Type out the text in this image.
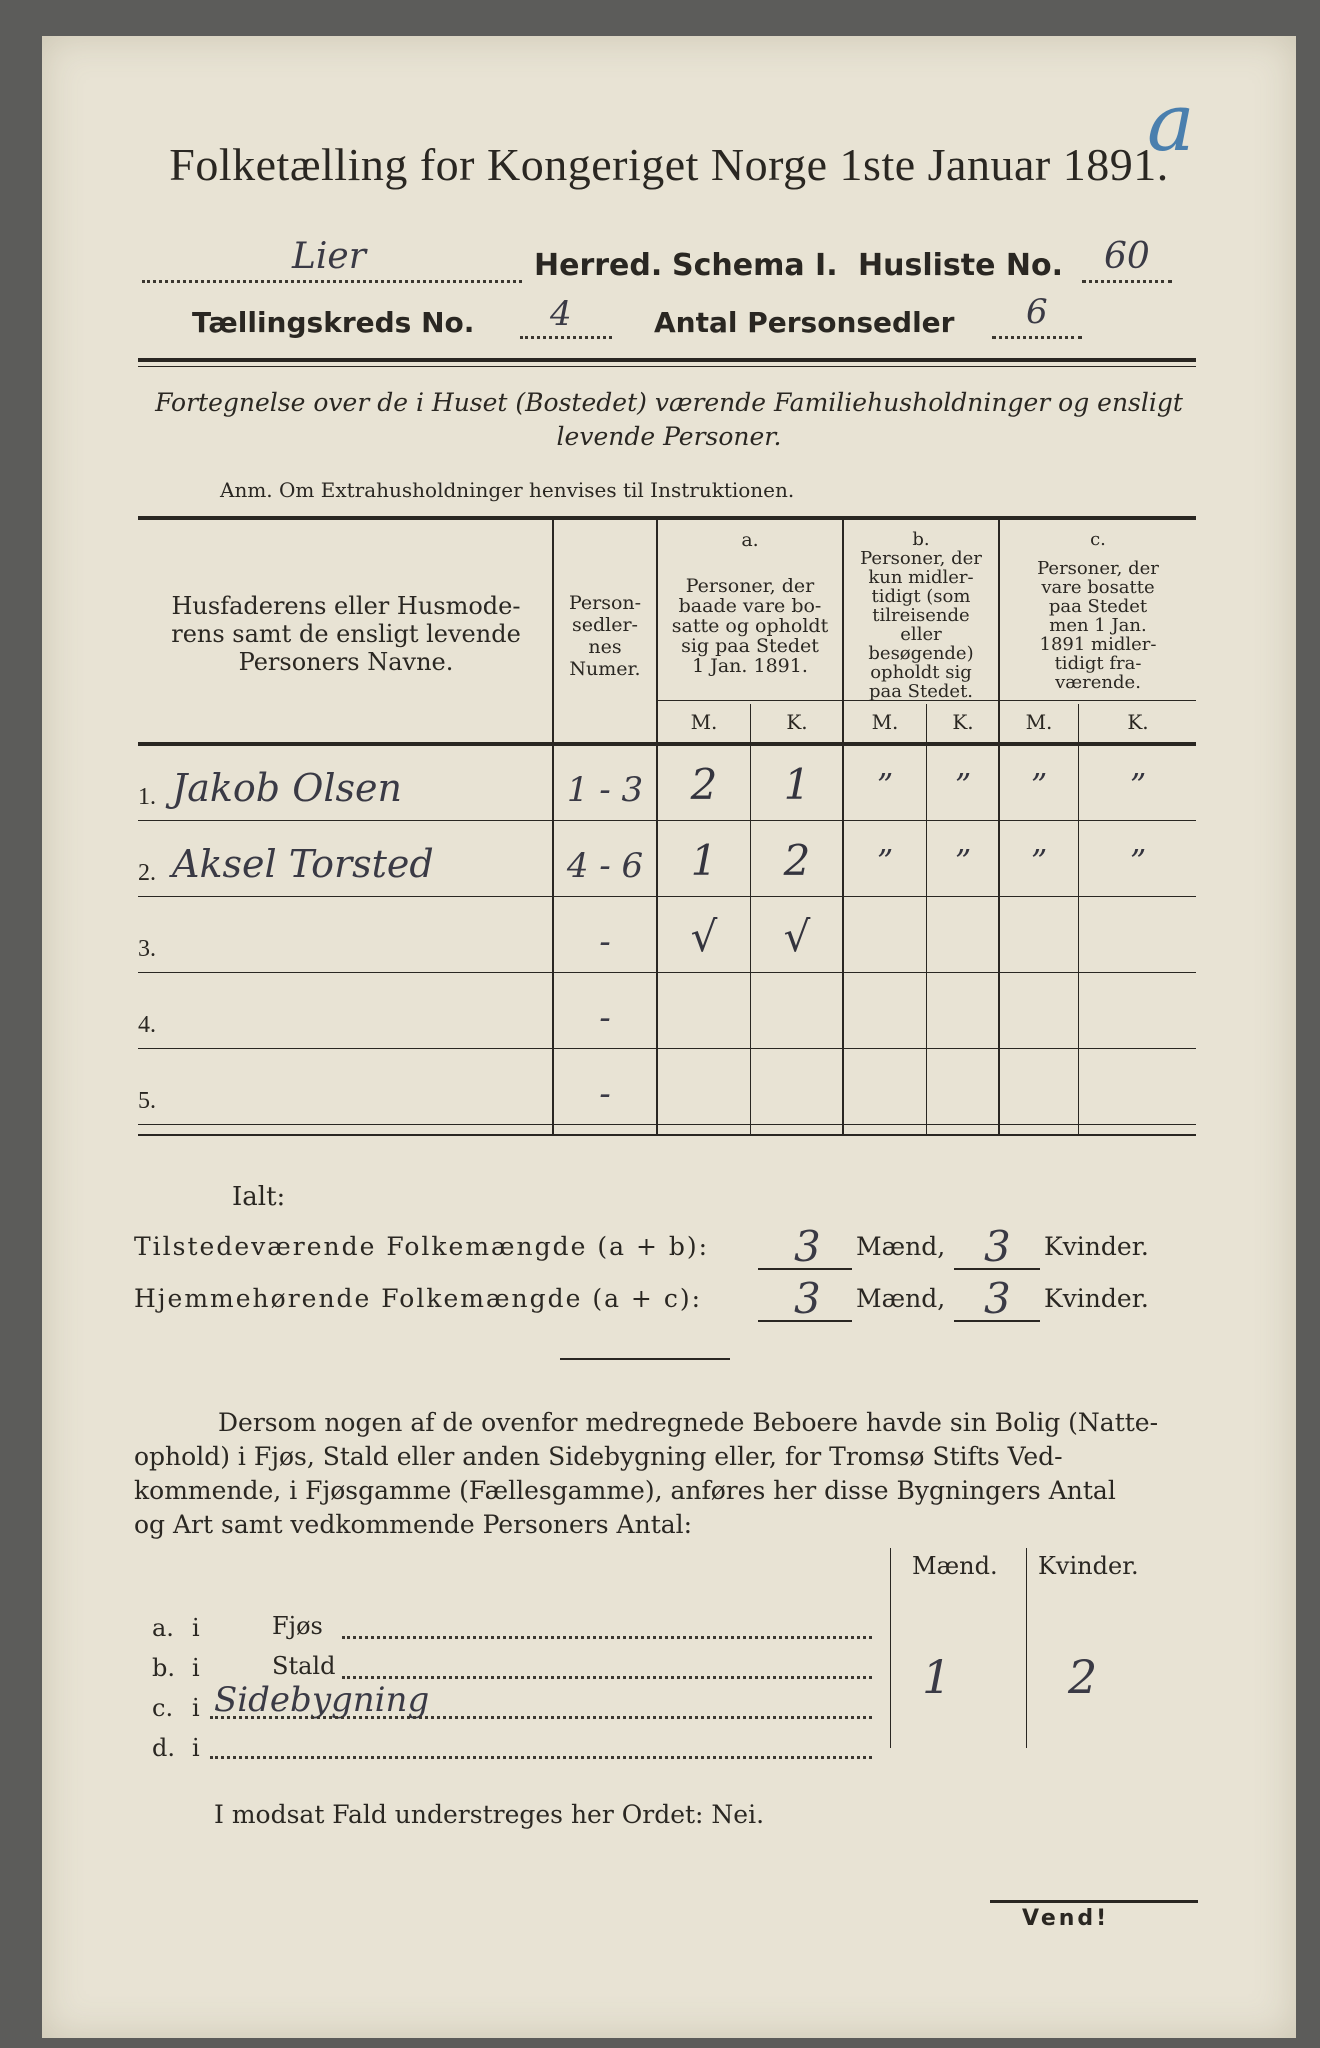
a
Folketælling for Kongeriget Norge 1ste Januar 1891.
Lier	Herred. Schema I. Husliste No. 60
Tællingskreds No. 4	Antal Personsedler 6
Fortegnelse over de i Huset (Bostedet) værende Familiehusholdninger og ensligt
levende Personer.
Anm. Om Extrahusholdninger henvises til Instruktionen.
Husfaderens eller Husmode-
rens samt de ensligt levende
Personers Navne.
Person-
sedler-
nes
Numer.
a.
Personer, der
baade vare bo-
satte og opholdt
sig paa Stedet
1 Jan. 1891.
b.
Personer, der
kun midler-
tidigt (som
tilreisende
eller
besøgende)
opholdt sig
paa Stedet.
c.
Personer, der
vare bosatte
paa Stedet
men 1 Jan.
1891 midler-
tidigt fra-
værende.
M.	K.	M.	K.	M.	K.
1. Jakob Olsen	1 - 3	2	1	”	”	”	”
2. Aksel Torsted	4 - 6	1	2	”	”	”	”
3.	-	√	√
4.	-
5.	-
Ialt:
Tilstedeværende Folkemængde (a + b): 3 Mænd, 3 Kvinder.
Hjemmehørende Folkemængde (a + c): 3 Mænd, 3 Kvinder.
Dersom nogen af de ovenfor medregnede Beboere havde sin Bolig (Natte-
ophold) i Fjøs, Stald eller anden Sidebygning eller, for Tromsø Stifts Ved-
kommende, i Fjøsgamme (Fællesgamme), anføres her disse Bygningers Antal
og Art samt vedkommende Personers Antal:
Mænd. Kvinder.
a. i	Fjøs
b. i	Stald
c. i Sidebygning
d. i
1	2
I modsat Fald understreges her Ordet: Nei.
Vend!
